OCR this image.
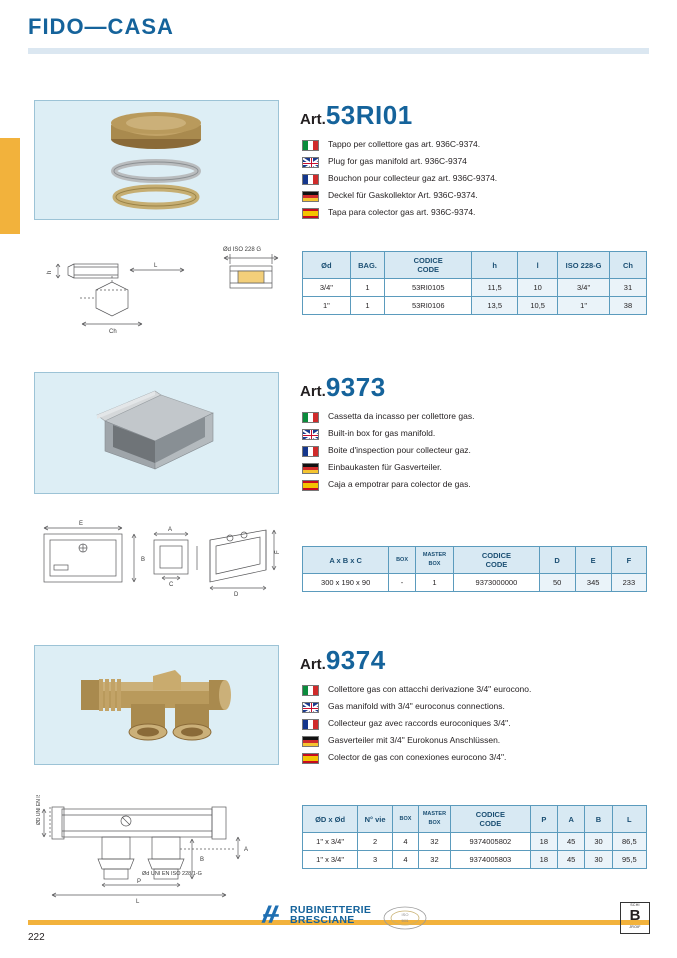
FIDO—CASA
Art.53RI01
Tappo per collettore gas art. 936C-9374.
Plug for gas manifold art. 936C-9374
Bouchon pour collecteur gaz art. 936C-9374.
Deckel für Gaskollektor Art. 936C-9374.
Tapa para colector gas art. 936C-9374.
h
Ch
L
Ød ISO 228 G
Ød	BAG.	CODICE
CODE	h	l	ISO 228-G	Ch
3/4"	1	53RI0105	11,5	10	3/4"	31
1"	1	53RI0106	13,5	10,5	1"	38
Art.9373
Cassetta da incasso per collettore gas.
Built-in box for gas manifold.
Boite d'inspection pour collecteur gaz.
Einbaukasten für Gasverteiler.
Caja a empotrar para colector de gas.
E
B
A
C
F
D
A x B x C	BOX	
MASTER
BOX

CODICE
CODE	D	E	F
300 x 190 x 90	-	1	9373000000	50	345	233
Art.9374
Collettore gas con attacchi derivazione 3/4" eurocono.
Gas manifold with 3/4" euroconus connections.
Collecteur gaz avec raccords euroconiques 3/4".
Gasverteiler mit 3/4" Eurokonus Anschlüssen.
Colector de gas con conexiones eurocono 3/4".
ØD UNI EN ISO 228/1-G
Ød UNI EN ISO 228/1-G
B
P
A
L
ØD x Ød	N° vie	BOX	
MASTER
BOX

CODICE
CODE	P	A	B	L
1" x 3/4"	2	4	32	9374005802	18	45	30	86,5
1" x 3/4"	3	4	32	9374005803	18	45	30	95,5
222
RUBINETTERIE
BRESCIANE	ISO
9001
SCHI
B
JROIF
